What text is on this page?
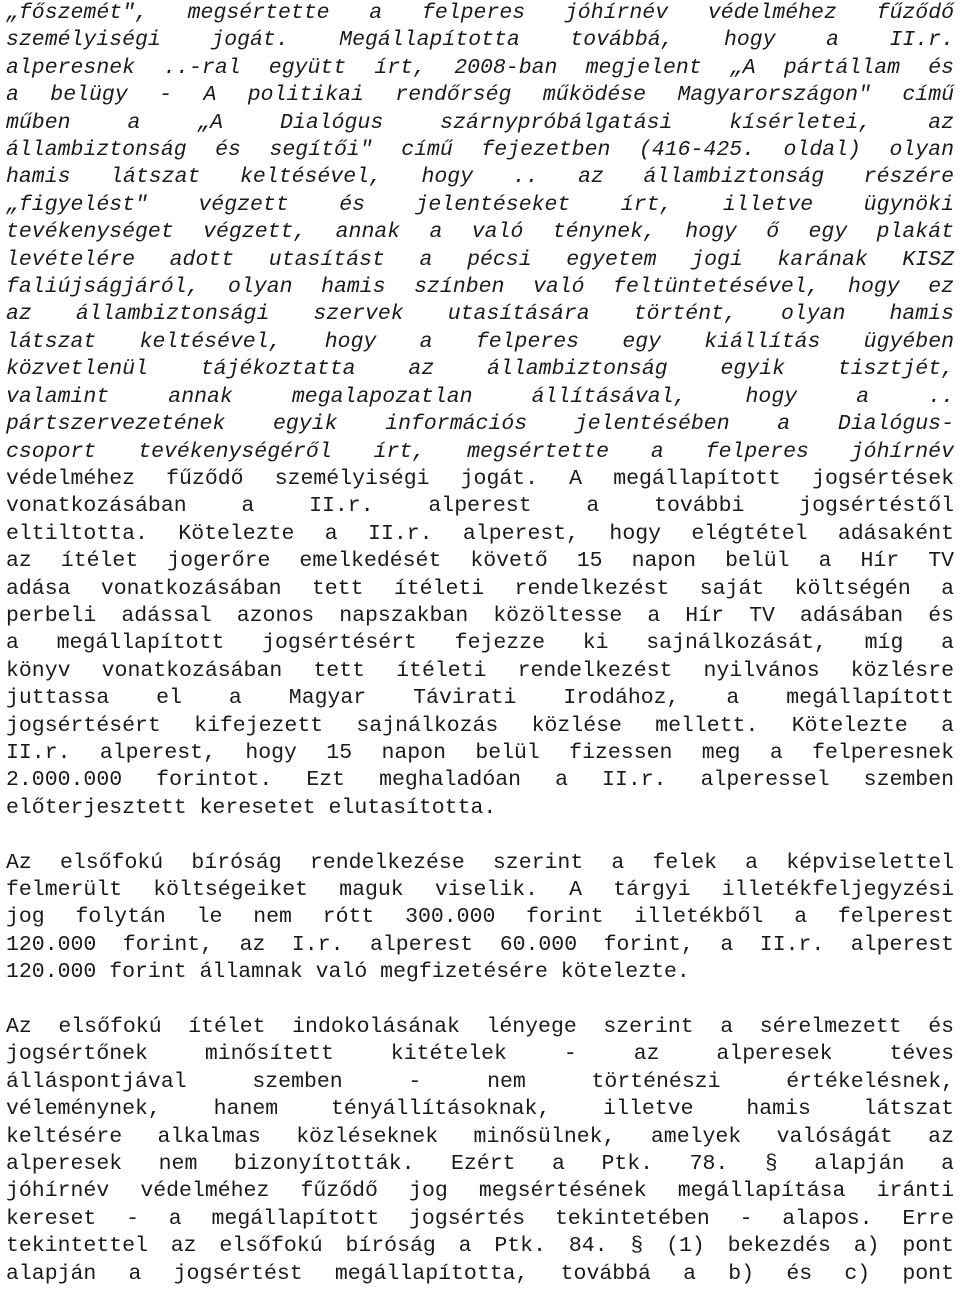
„főszemét", megsértette a felperes jóhírnév védelméhez fűződő
személyiségi jogát. Megállapította továbbá, hogy a II.r.
alperesnek ..-ral együtt írt, 2008-ban megjelent „A pártállam és
a belügy - A politikai rendőrség működése Magyarországon" című
műben a „A Dialógus szárnypróbálgatási kísérletei, az
állambiztonság és segítői" című fejezetben (416-425. oldal) olyan
hamis látszat keltésével, hogy .. az állambiztonság részére
„figyelést" végzett és jelentéseket írt, illetve ügynöki
tevékenységet végzett, annak a való ténynek, hogy ő egy plakát
levételére adott utasítást a pécsi egyetem jogi karának KISZ
faliújságjáról, olyan hamis színben való feltüntetésével, hogy ez
az állambiztonsági szervek utasítására történt, olyan hamis
látszat keltésével, hogy a felperes egy kiállítás ügyében
közvetlenül tájékoztatta az állambiztonság egyik tisztjét,
valamint annak megalapozatlan állításával, hogy a ..
pártszervezetének egyik információs jelentésében a Dialógus-
csoport tevékenységéről írt, megsértette a felperes jóhírnév
védelméhez fűződő személyiségi jogát. A megállapított jogsértések
vonatkozásában a II.r. alperest a további jogsértéstől
eltiltotta. Kötelezte a II.r. alperest, hogy elégtétel adásaként
az ítélet jogerőre emelkedését követő 15 napon belül a Hír TV
adása vonatkozásában tett ítéleti rendelkezést saját költségén a
perbeli adással azonos napszakban közöltesse a Hír TV adásában és
a megállapított jogsértésért fejezze ki sajnálkozását, míg a
könyv vonatkozásában tett ítéleti rendelkezést nyilvános közlésre
juttassa el a Magyar Távirati Irodához, a megállapított
jogsértésért kifejezett sajnálkozás közlése mellett. Kötelezte a
II.r. alperest, hogy 15 napon belül fizessen meg a felperesnek
2.000.000 forintot. Ezt meghaladóan a II.r. alperessel szemben
előterjesztett keresetet elutasította.
Az elsőfokú bíróság rendelkezése szerint a felek a képviselettel
felmerült költségeiket maguk viselik. A tárgyi illetékfeljegyzési
jog folytán le nem rótt 300.000 forint illetékből a felperest
120.000 forint, az I.r. alperest 60.000 forint, a II.r. alperest
120.000 forint államnak való megfizetésére kötelezte.
Az elsőfokú ítélet indokolásának lényege szerint a sérelmezett és
jogsértőnek minősített kitételek - az alperesek téves
álláspontjával szemben - nem történészi értékelésnek,
véleménynek, hanem tényállításoknak, illetve hamis látszat
keltésére alkalmas közléseknek minősülnek, amelyek valóságát az
alperesek nem bizonyították. Ezért a Ptk. 78. § alapján a
jóhírnév védelméhez fűződő jog megsértésének megállapítása iránti
kereset - a megállapított jogsértés tekintetében - alapos. Erre
tekintettel az elsőfokú bíróság a Ptk. 84. § (1) bekezdés a) pont
alapján a jogsértést megállapította, továbbá a b) és c) pont
